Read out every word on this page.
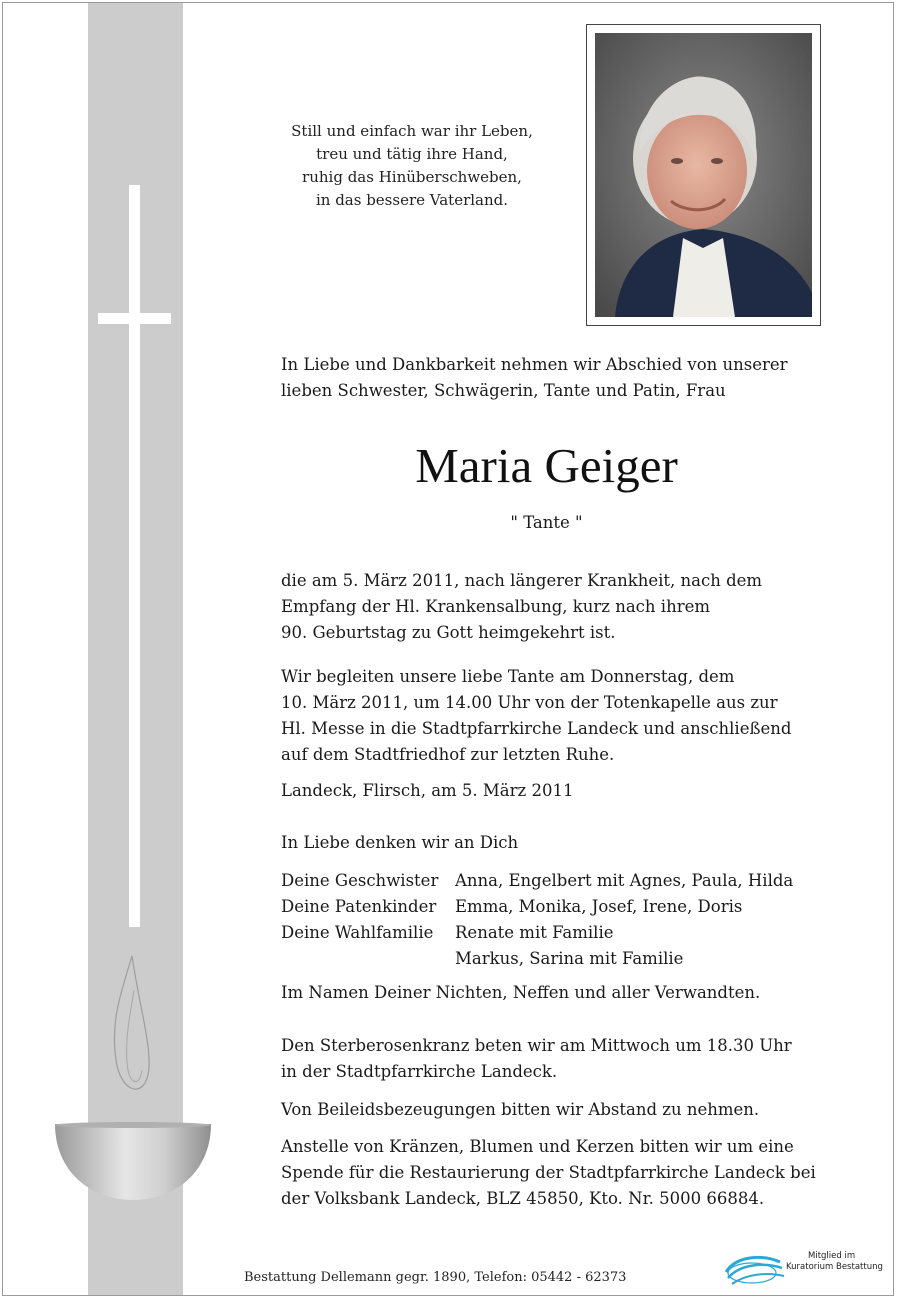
Still und einfach war ihr Leben,
treu und tätig ihre Hand,
ruhig das Hinüberschweben,
in das bessere Vaterland.

In Liebe und Dankbarkeit nehmen wir Abschied von unserer

lieben Schwester, Schwägerin, Tante und Patin, Frau

Maria Geiger
" Tante "

die am 5. März 2011, nach längerer Krankheit, nach dem

Empfang der Hl. Krankensalbung, kurz nach ihrem

90. Geburtstag zu Gott heimgekehrt ist.

Wir begleiten unsere liebe Tante am Donnerstag, dem

10. März 2011, um 14.00 Uhr von der Totenkapelle aus zur

Hl. Messe in die Stadtpfarrkirche Landeck und anschließend

auf dem Stadtfriedhof zur letzten Ruhe.

Landeck, Flirsch, am 5. März 2011
In Liebe denken wir an Dich
Deine Geschwister	Anna, Engelbert mit Agnes, Paula, Hilda
Deine Patenkinder	Emma, Monika, Josef, Irene, Doris
Deine Wahlfamilie	Renate mit Familie
Markus, Sarina mit Familie
Im Namen Deiner Nichten, Neffen und aller Verwandten.

Den Sterberosenkranz beten wir am Mittwoch um 18.30 Uhr

in der Stadtpfarrkirche Landeck.

Von Beileidsbezeugungen bitten wir Abstand zu nehmen.

Anstelle von Kränzen, Blumen und Kerzen bitten wir um eine

Spende für die Restaurierung der Stadtpfarrkirche Landeck bei

der Volksbank Landeck, BLZ 45850, Kto. Nr. 5000 66884.

Bestattung Dellemann gegr. 1890, Telefon: 05442 - 62373
Mitglied im
Kuratorium Bestattung
